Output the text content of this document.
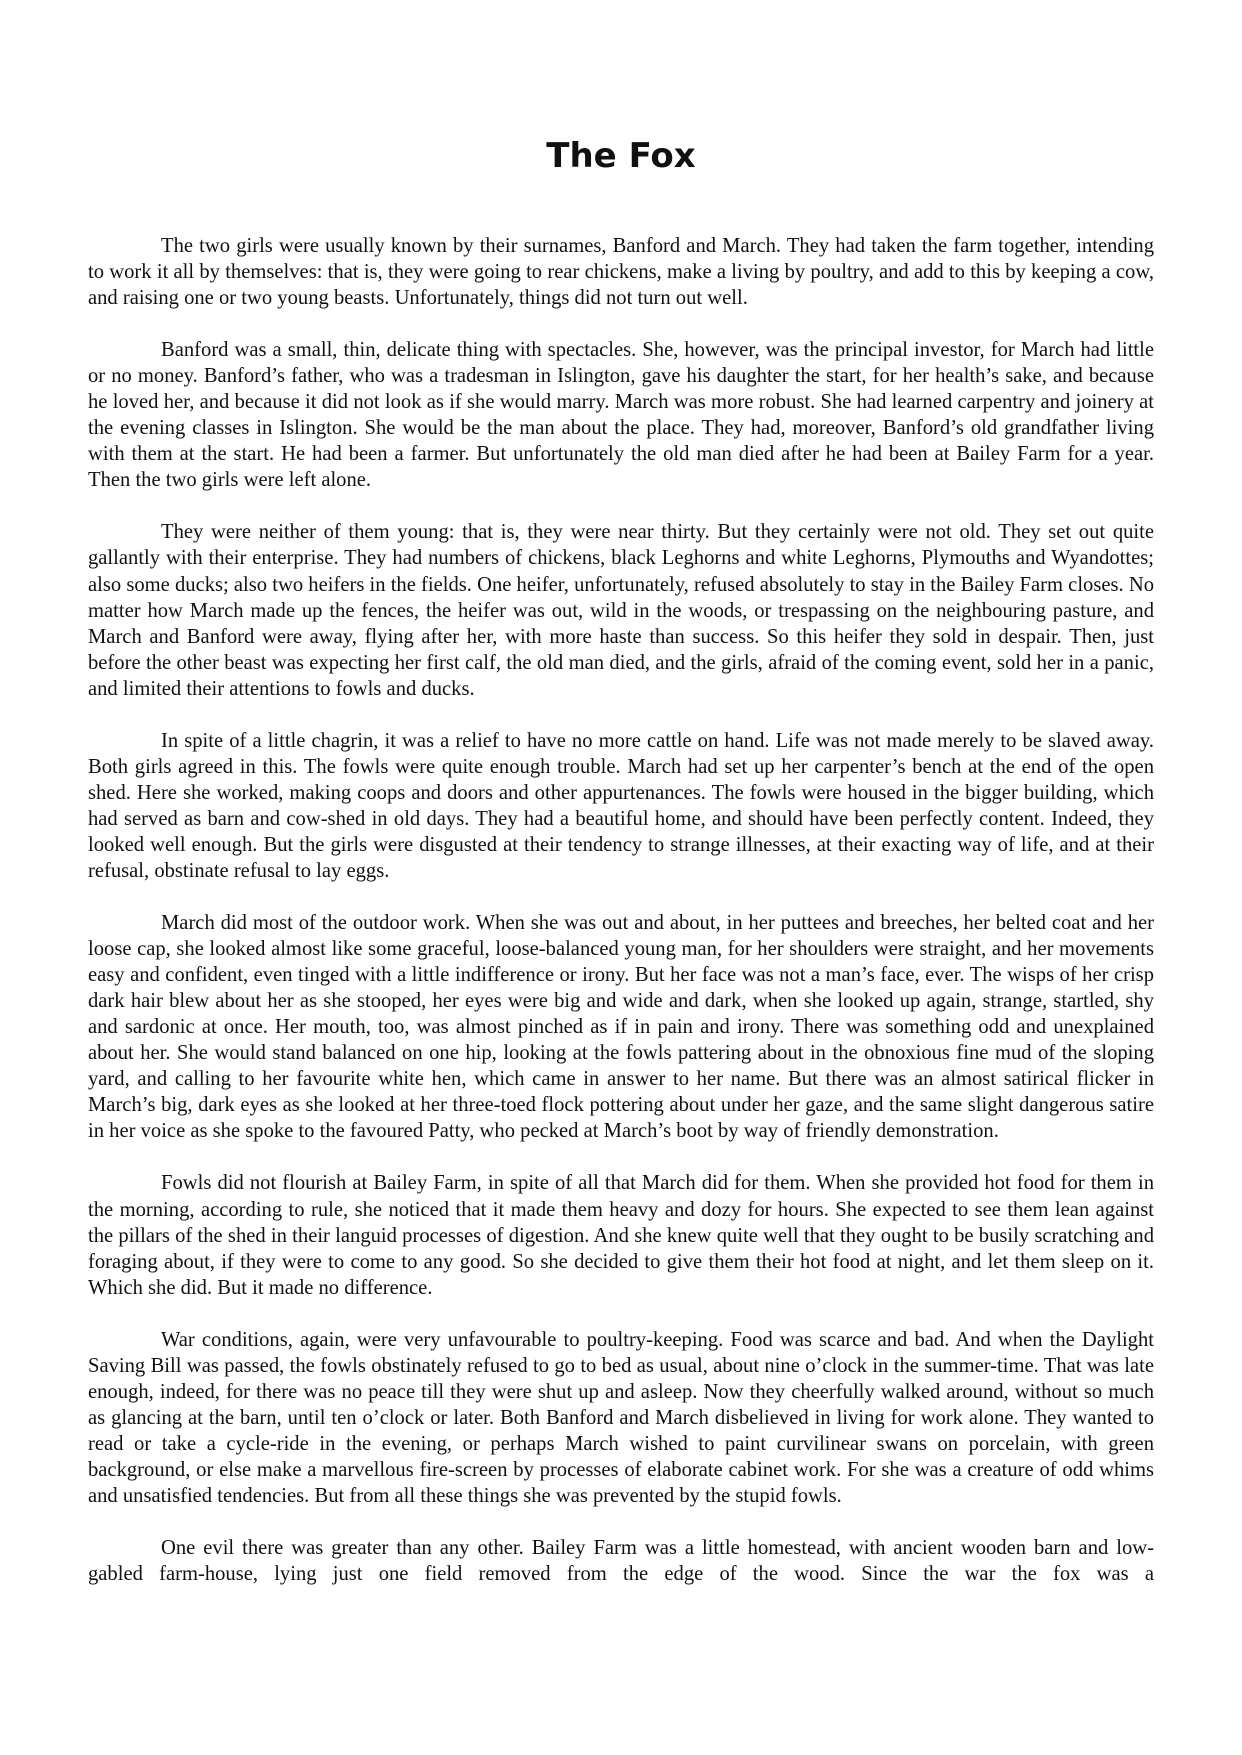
The Fox

The two girls were usually known by their surnames, Banford and March. They had taken the farm together, intending to work it all by themselves: that is, they were going to rear chickens, make a living by poultry, and add to this by keeping a cow, and raising one or two young beasts. Unfortunately, things did not turn out well.

Banford was a small, thin, delicate thing with spectacles. She, however, was the principal investor, for March had little or no money. Banford’s father, who was a tradesman in Islington, gave his daughter the start, for her health’s sake, and because he loved her, and because it did not look as if she would marry. March was more robust. She had learned carpentry and joinery at the evening classes in Islington. She would be the man about the place. They had, moreover, Banford’s old grandfather living with them at the start. He had been a farmer. But unfortunately the old man died after he had been at Bailey Farm for a year. Then the two girls were left alone.

They were neither of them young: that is, they were near thirty. But they certainly were not old. They set out quite gallantly with their enterprise. They had numbers of chickens, black Leghorns and white Leghorns, Plymouths and Wyandottes; also some ducks; also two heifers in the fields. One heifer, unfortunately, refused absolutely to stay in the Bailey Farm closes. No matter how March made up the fences, the heifer was out, wild in the woods, or trespassing on the neighbouring pasture, and March and Banford were away, flying after her, with more haste than success. So this heifer they sold in despair. Then, just before the other beast was expecting her first calf, the old man died, and the girls, afraid of the coming event, sold her in a panic, and limited their attentions to fowls and ducks.

In spite of a little chagrin, it was a relief to have no more cattle on hand. Life was not made merely to be slaved away. Both girls agreed in this. The fowls were quite enough trouble. March had set up her carpenter’s bench at the end of the open shed. Here she worked, making coops and doors and other appurtenances. The fowls were housed in the bigger building, which had served as barn and cow-shed in old days. They had a beautiful home, and should have been perfectly content. Indeed, they looked well enough. But the girls were disgusted at their tendency to strange illnesses, at their exacting way of life, and at their refusal, obstinate refusal to lay eggs.

March did most of the outdoor work. When she was out and about, in her puttees and breeches, her belted coat and her loose cap, she looked almost like some graceful, loose-balanced young man, for her shoulders were straight, and her movements easy and confident, even tinged with a little indifference or irony. But her face was not a man’s face, ever. The wisps of her crisp dark hair blew about her as she stooped, her eyes were big and wide and dark, when she looked up again, strange, startled, shy and sardonic at once. Her mouth, too, was almost pinched as if in pain and irony. There was something odd and unexplained about her. She would stand balanced on one hip, looking at the fowls pattering about in the obnoxious fine mud of the sloping yard, and calling to her favourite white hen, which came in answer to her name. But there was an almost satirical flicker in March’s big, dark eyes as she looked at her three-toed flock pottering about under her gaze, and the same slight dangerous satire in her voice as she spoke to the favoured Patty, who pecked at March’s boot by way of friendly demonstration.

Fowls did not flourish at Bailey Farm, in spite of all that March did for them. When she provided hot food for them in the morning, according to rule, she noticed that it made them heavy and dozy for hours. She expected to see them lean against the pillars of the shed in their languid processes of digestion. And she knew quite well that they ought to be busily scratching and foraging about, if they were to come to any good. So she decided to give them their hot food at night, and let them sleep on it. Which she did. But it made no difference.

War conditions, again, were very unfavourable to poultry-keeping. Food was scarce and bad. And when the Daylight Saving Bill was passed, the fowls obstinately refused to go to bed as usual, about nine o’clock in the summer-time. That was late enough, indeed, for there was no peace till they were shut up and asleep. Now they cheerfully walked around, without so much as glancing at the barn, until ten o’clock or later. Both Banford and March disbelieved in living for work alone. They wanted to read or take a cycle-ride in the evening, or perhaps March wished to paint curvilinear swans on porcelain, with green background, or else make a marvellous fire-screen by processes of elaborate cabinet work. For she was a creature of odd whims and unsatisfied tendencies. But from all these things she was prevented by the stupid fowls.

One evil there was greater than any other. Bailey Farm was a little homestead, with ancient wooden barn and low-gabled farm-house, lying just one field removed from the edge of the wood. Since the war the fox was a
